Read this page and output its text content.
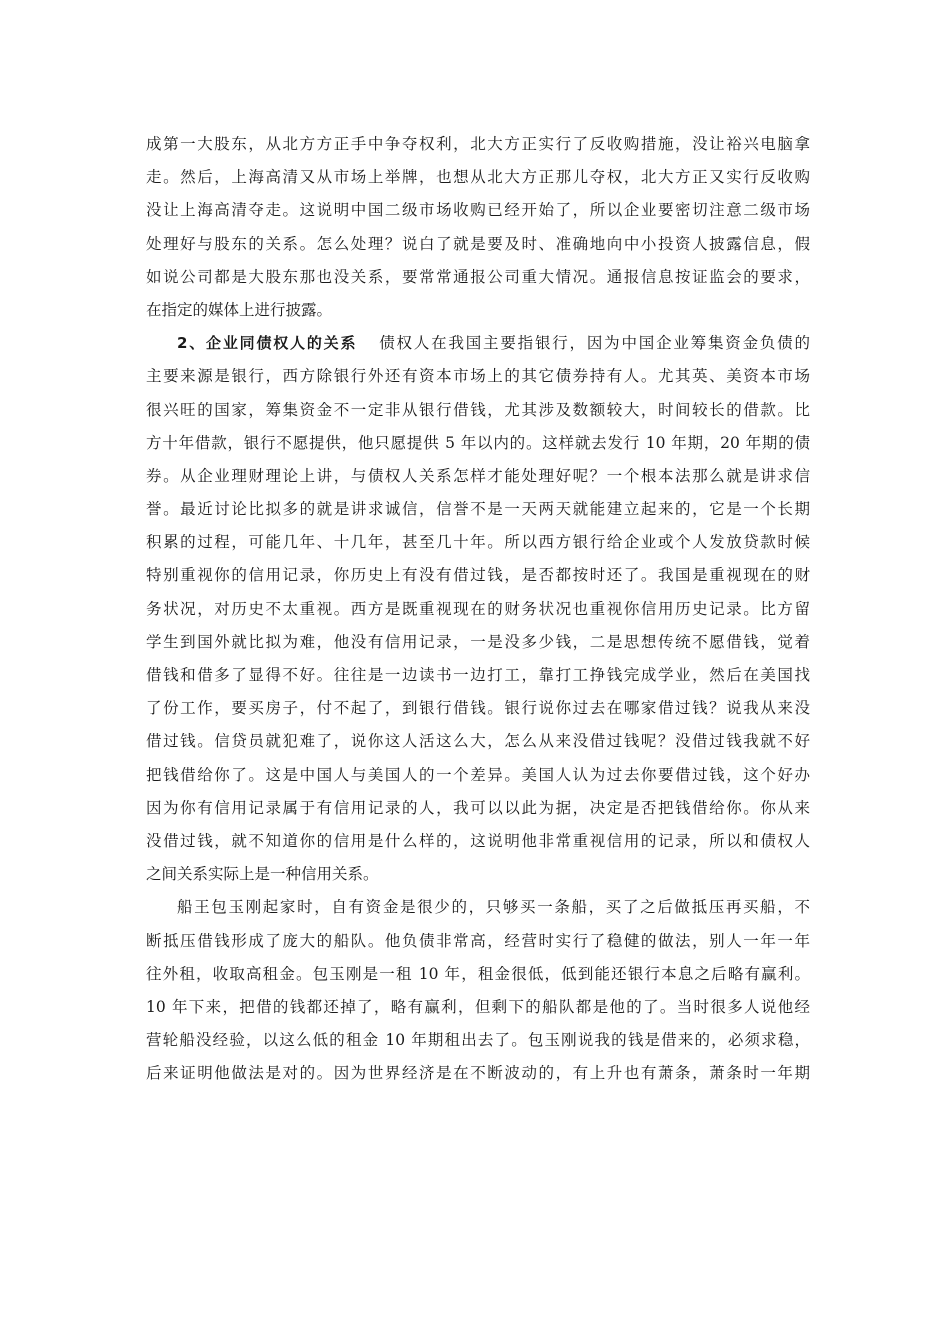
成第一大股东，从北方方正手中争夺权利，北大方正实行了反收购措施，没让裕兴电脑拿
走。然后，上海高清又从市场上举牌，也想从北大方正那儿夺权，北大方正又实行反收购
没让上海高清夺走。这说明中国二级市场收购已经开始了，所以企业要密切注意二级市场
处理好与股东的关系。怎么处理？说白了就是要及时、准确地向中小投资人披露信息，假
如说公司都是大股东那也没关系，要常常通报公司重大情况。通报信息按证监会的要求，
在指定的媒体上进行披露。
2、企业同债权人的关系 债权人在我国主要指银行，因为中国企业筹集资金负债的
主要来源是银行，西方除银行外还有资本市场上的其它债券持有人。尤其英、美资本市场
很兴旺的国家，筹集资金不一定非从银行借钱，尤其涉及数额较大，时间较长的借款。比
方十年借款，银行不愿提供，他只愿提供 5 年以内的。这样就去发行 10 年期，20 年期的债
券。从企业理财理论上讲，与债权人关系怎样才能处理好呢？一个根本法那么就是讲求信
誉。最近讨论比拟多的就是讲求诚信，信誉不是一天两天就能建立起来的，它是一个长期
积累的过程，可能几年、十几年，甚至几十年。所以西方银行给企业或个人发放贷款时候
特别重视你的信用记录，你历史上有没有借过钱，是否都按时还了。我国是重视现在的财
务状况，对历史不太重视。西方是既重视现在的财务状况也重视你信用历史记录。比方留
学生到国外就比拟为难，他没有信用记录，一是没多少钱，二是思想传统不愿借钱，觉着
借钱和借多了显得不好。往往是一边读书一边打工，靠打工挣钱完成学业，然后在美国找
了份工作，要买房子，付不起了，到银行借钱。银行说你过去在哪家借过钱？说我从来没
借过钱。信贷员就犯难了，说你这人活这么大，怎么从来没借过钱呢？没借过钱我就不好
把钱借给你了。这是中国人与美国人的一个差异。美国人认为过去你要借过钱，这个好办
因为你有信用记录属于有信用记录的人，我可以以此为据，决定是否把钱借给你。你从来
没借过钱，就不知道你的信用是什么样的，这说明他非常重视信用的记录，所以和债权人
之间关系实际上是一种信用关系。
船王包玉刚起家时，自有资金是很少的，只够买一条船，买了之后做抵压再买船，不
断抵压借钱形成了庞大的船队。他负债非常高，经营时实行了稳健的做法，别人一年一年
往外租，收取高租金。包玉刚是一租 10 年，租金很低，低到能还银行本息之后略有赢利。
10 年下来，把借的钱都还掉了，略有赢利，但剩下的船队都是他的了。当时很多人说他经
营轮船没经验，以这么低的租金 10 年期租出去了。包玉刚说我的钱是借来的，必须求稳，
后来证明他做法是对的。因为世界经济是在不断波动的，有上升也有萧条，萧条时一年期
